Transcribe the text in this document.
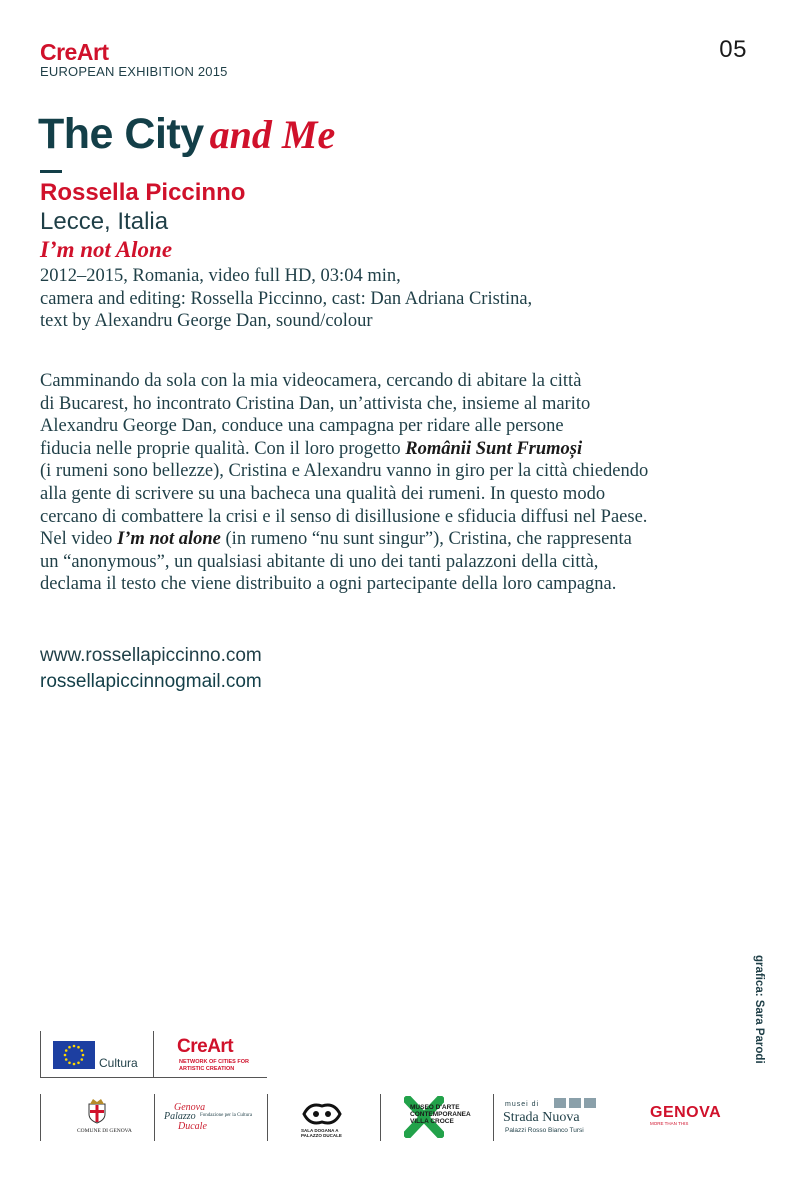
CreArt
EUROPEAN EXHIBITION 2015
05
The City and Me
Rossella Piccinno
Lecce, Italia
I’m not Alone
2012–2015, Romania, video full HD, 03:04 min,
camera and editing: Rossella Piccinno, cast: Dan Adriana Cristina,
text by Alexandru George Dan, sound/colour

Camminando da sola con la mia videocamera, cercando di abitare la città

di Bucarest, ho incontrato Cristina Dan, un’attivista che, insieme al marito

Alexandru George Dan, conduce una campagna per ridare alle persone

fiducia nelle proprie qualità. Con il loro progetto Românii Sunt Frumoși

(i rumeni sono bellezze), Cristina e Alexandru vanno in giro per la città chiedendo

alla gente di scrivere su una bacheca una qualità dei rumeni. In questo modo

cercano di combattere la crisi e il senso di disillusione e sfiducia diffusi nel Paese.

Nel video I’m not alone (in rumeno “nu sunt singur”), Cristina, che rappresenta

un “anonymous”, un qualsiasi abitante di uno dei tanti palazzoni della città,

declama il testo che viene distribuito a ogni partecipante della loro campagna.

www.rossellapiccinno.com
rossellapiccinnogmail.com
grafica: Sara Parodi
Cultura
CreArt
NETWORK OF CITIES FOR ARTISTIC CREATION
COMUNE DI GENOVA
Genova
Palazzo
Ducale
Fondazione per la Cultura
SALA DOGANA A PALAZZO DUCALE
MUSEO D'ARTE
CONTEMPORANEA
VILLA CROCE
musei di
Strada Nuova
Palazzi Rosso Bianco Tursi
GENOVA
MORE THAN THIS
